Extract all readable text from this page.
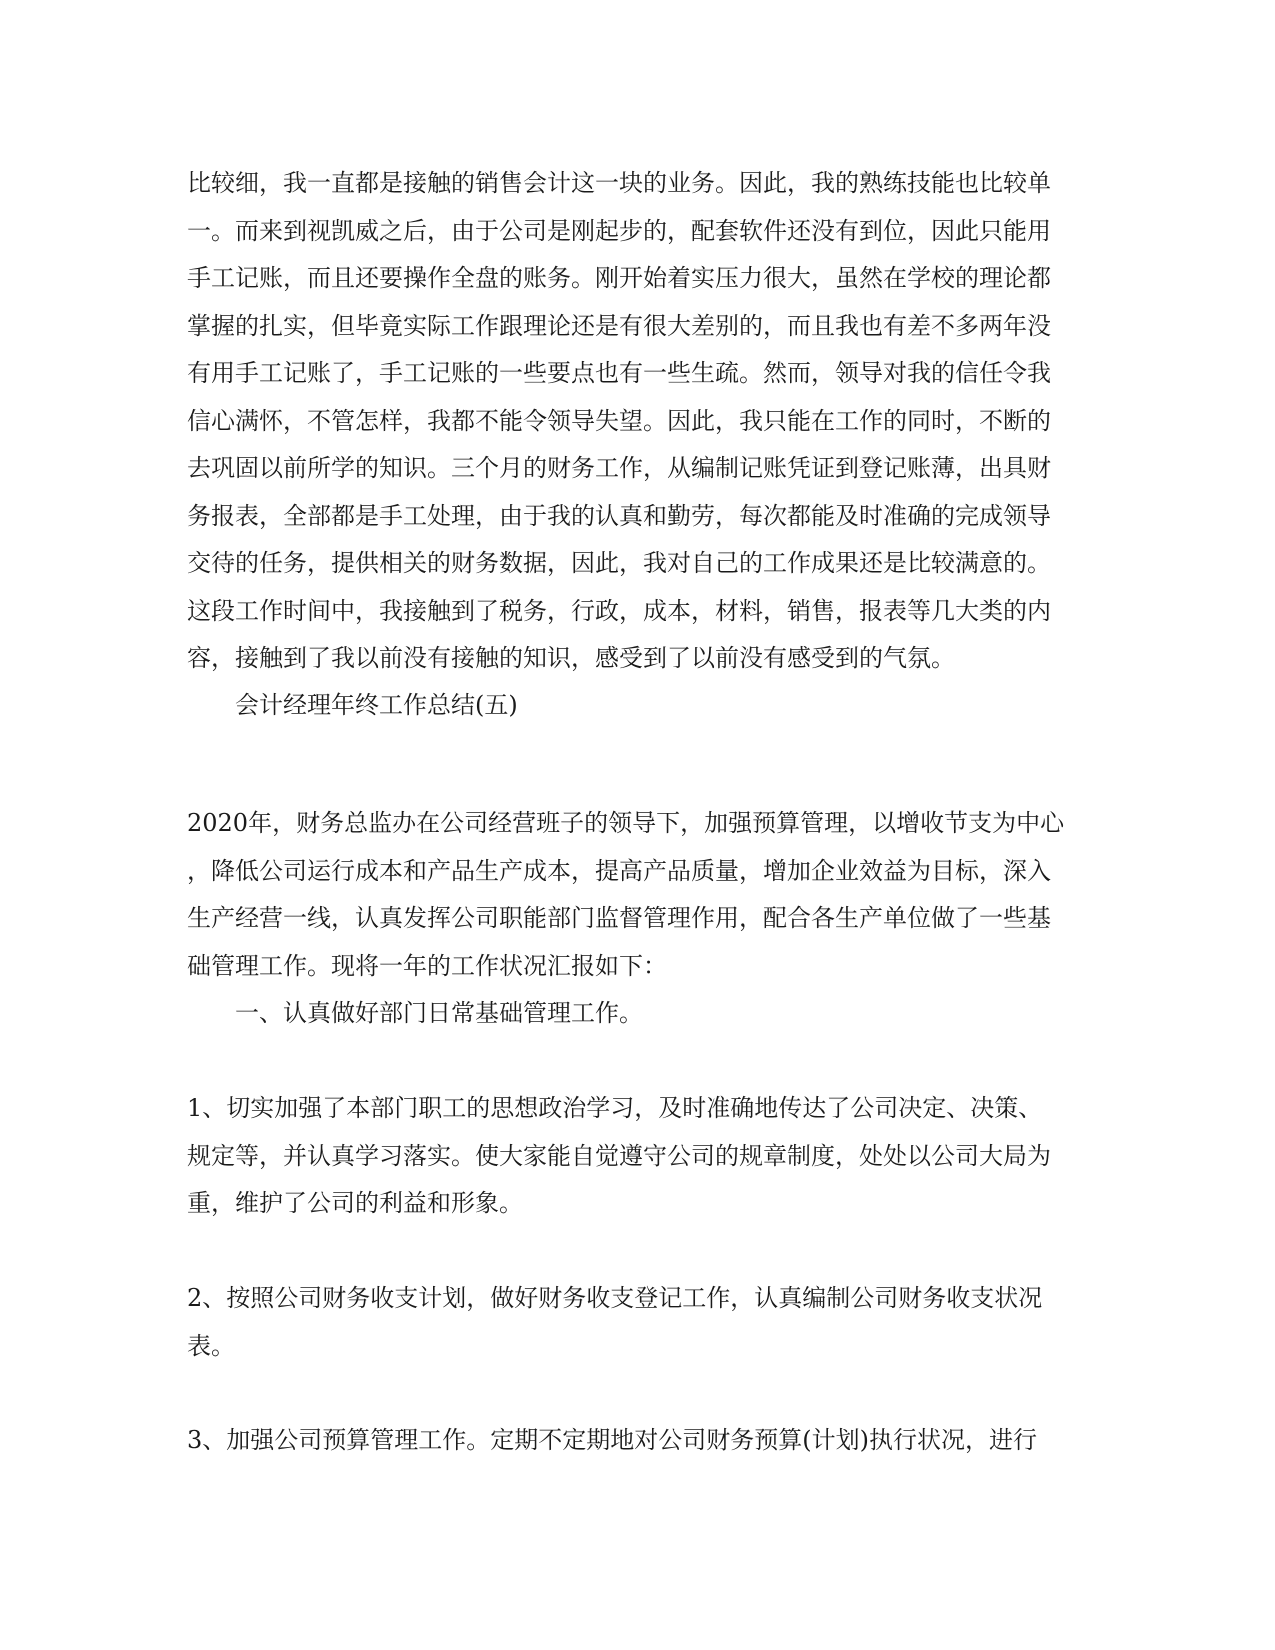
比较细，我一直都是接触的销售会计这一块的业务。因此，我的熟练技能也比较单
一。而来到视凯威之后，由于公司是刚起步的，配套软件还没有到位，因此只能用
手工记账，而且还要操作全盘的账务。刚开始着实压力很大，虽然在学校的理论都
掌握的扎实，但毕竟实际工作跟理论还是有很大差别的，而且我也有差不多两年没
有用手工记账了，手工记账的一些要点也有一些生疏。然而，领导对我的信任令我
信心满怀，不管怎样，我都不能令领导失望。因此，我只能在工作的同时，不断的
去巩固以前所学的知识。三个月的财务工作，从编制记账凭证到登记账薄，出具财
务报表，全部都是手工处理，由于我的认真和勤劳，每次都能及时准确的完成领导
交待的任务，提供相关的财务数据，因此，我对自己的工作成果还是比较满意的。
这段工作时间中，我接触到了税务，行政，成本，材料，销售，报表等几大类的内
容，接触到了我以前没有接触的知识，感受到了以前没有感受到的气氛。
会计经理年终工作总结(五)
2020年，财务总监办在公司经营班子的领导下，加强预算管理，以增收节支为中心
，降低公司运行成本和产品生产成本，提高产品质量，增加企业效益为目标，深入
生产经营一线，认真发挥公司职能部门监督管理作用，配合各生产单位做了一些基
础管理工作。现将一年的工作状况汇报如下：
一、认真做好部门日常基础管理工作。
1、切实加强了本部门职工的思想政治学习，及时准确地传达了公司决定、决策、
规定等，并认真学习落实。使大家能自觉遵守公司的规章制度，处处以公司大局为
重，维护了公司的利益和形象。
2、按照公司财务收支计划，做好财务收支登记工作，认真编制公司财务收支状况
表。
3、加强公司预算管理工作。定期不定期地对公司财务预算(计划)执行状况，进行
